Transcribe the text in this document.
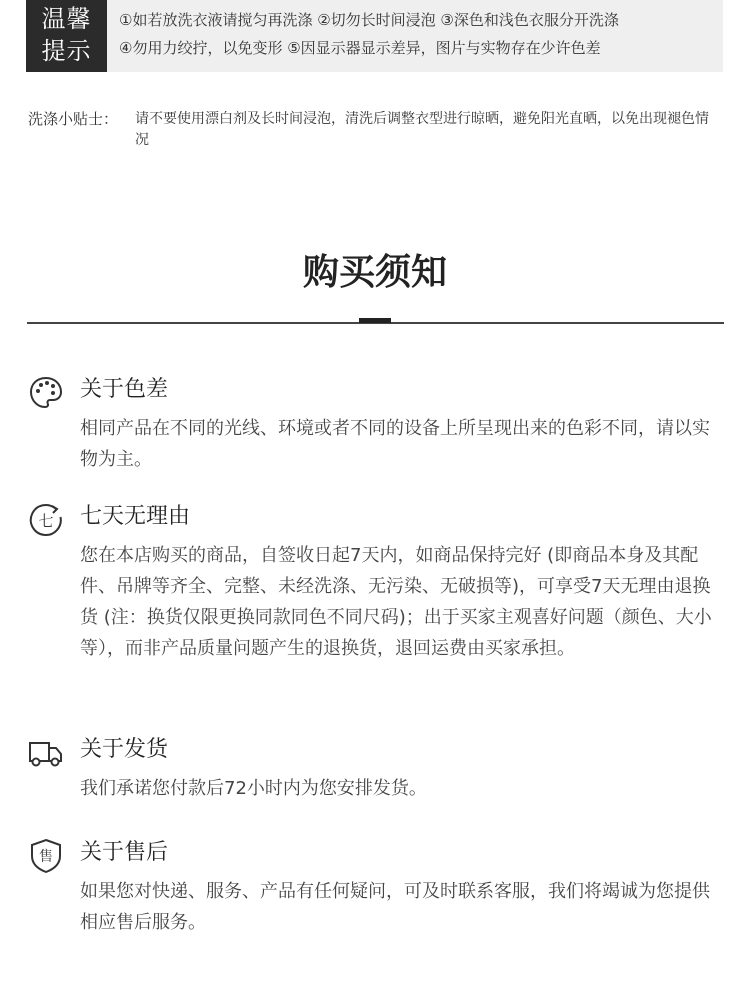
温馨
提示
①如若放洗衣液请搅匀再洗涤 ②切勿长时间浸泡 ③深色和浅色衣服分开洗涤
④勿用力绞拧，以免变形 ⑤因显示器显示差异，图片与实物存在少许色差
洗涤小贴士： 请不要使用漂白剂及长时间浸泡，清洗后调整衣型进行晾晒，避免阳光直晒，以免出现褪色情况
购买须知
关于色差
相同产品在不同的光线、环境或者不同的设备上所呈现出来的色彩不同，请以实物为主。
七 七天无理由
您在本店购买的商品，自签收日起7天内，如商品保持完好 (即商品本身及其配件、吊牌等齐全、完整、未经洗涤、无污染、无破损等)，可享受7天无理由退换货 (注：换货仅限更换同款同色不同尺码)；出于买家主观喜好问题（颜色、大小等），而非产品质量问题产生的退换货，退回运费由买家承担。
关于发货
我们承诺您付款后72小时内为您安排发货。
售 关于售后
如果您对快递、服务、产品有任何疑问，可及时联系客服，我们将竭诚为您提供相应售后服务。
